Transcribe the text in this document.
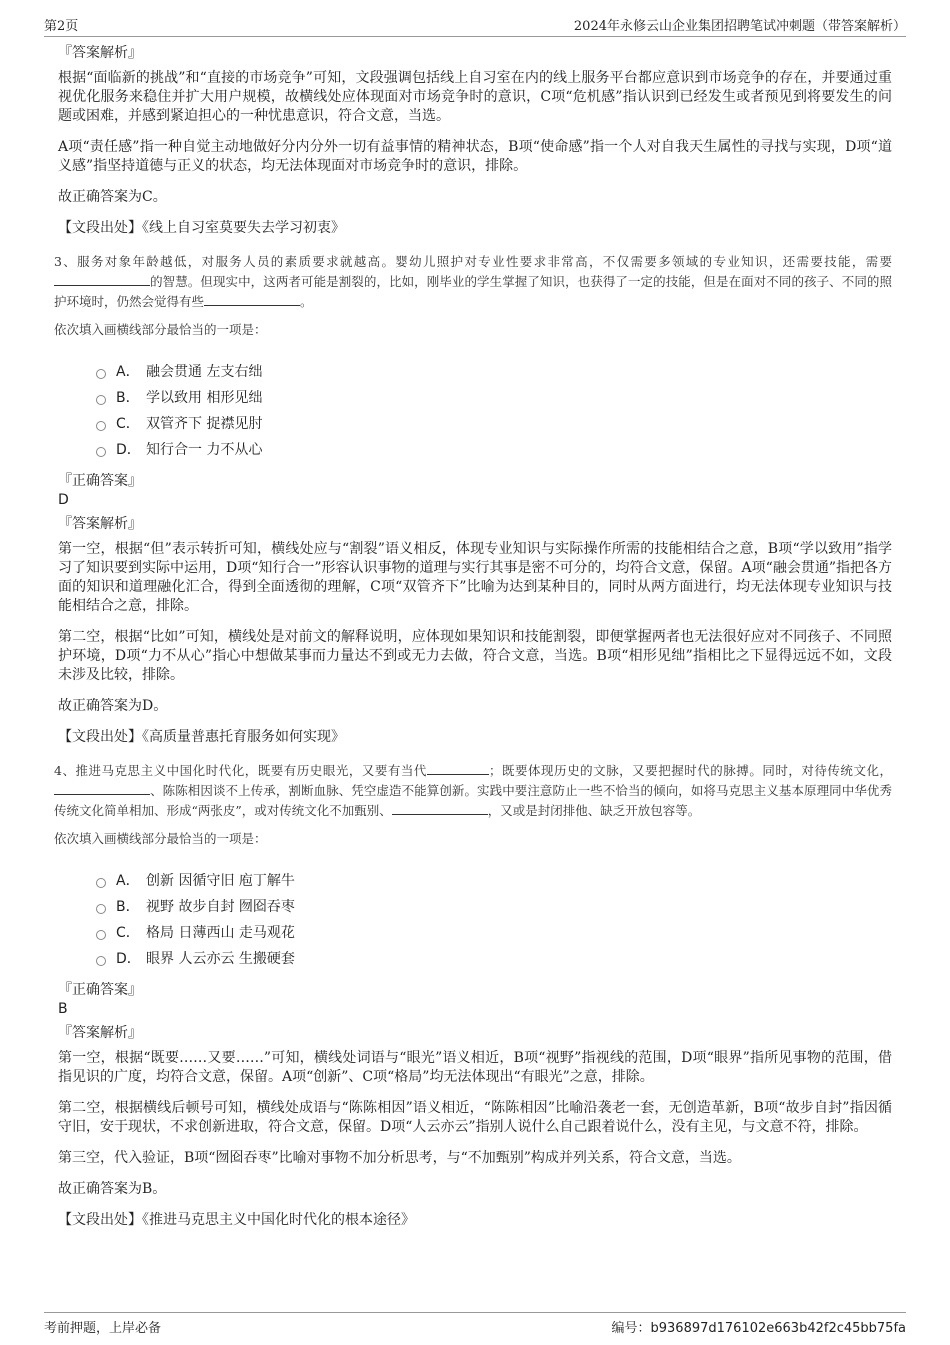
第2页	2024年永修云山企业集团招聘笔试冲刺题（带答案解析）
『答案解析』

根据“面临新的挑战”和“直接的市场竞争”可知，文段强调包括线上自习室在内的线上服务平台都应意识到市场竞争的存在，并要通过重视优化服务来稳住并扩大用户规模，故横线处应体现面对市场竞争时的意识，C项“危机感”指认识到已经发生或者预见到将要发生的问题或困难，并感到紧迫担心的一种忧患意识，符合文意，当选。

A项“责任感”指一种自觉主动地做好分内分外一切有益事情的精神状态，B项“使命感”指一个人对自我天生属性的寻找与实现，D项“道义感”指坚持道德与正义的状态，均无法体现面对市场竞争时的意识，排除。

故正确答案为C。

【文段出处】《线上自习室莫要失去学习初衷》
3、服务对象年龄越低，对服务人员的素质要求就越高。婴幼儿照护对专业性要求非常高，不仅需要多领域的专业知识，还需要技能，需要的智慧。但现实中，这两者可能是割裂的，比如，刚毕业的学生掌握了知识，也获得了一定的技能，但是在面对不同的孩子、不同的照护环境时，仍然会觉得有些	。
依次填入画横线部分最恰当的一项是：
A． 融会贯通 左支右绌
B． 学以致用 相形见绌
C． 双管齐下 捉襟见肘
D． 知行合一 力不从心
『正确答案』
D
『答案解析』

第一空，根据“但”表示转折可知，横线处应与“割裂”语义相反，体现专业知识与实际操作所需的技能相结合之意，B项“学以致用”指学习了知识要到实际中运用，D项“知行合一”形容认识事物的道理与实行其事是密不可分的，均符合文意，保留。A项“融会贯通”指把各方面的知识和道理融化汇合，得到全面透彻的理解，C项“双管齐下”比喻为达到某种目的，同时从两方面进行，均无法体现专业知识与技能相结合之意，排除。

第二空，根据“比如”可知，横线处是对前文的解释说明，应体现如果知识和技能割裂，即便掌握两者也无法很好应对不同孩子、不同照护环境，D项“力不从心”指心中想做某事而力量达不到或无力去做，符合文意，当选。B项“相形见绌”指相比之下显得远远不如，文段未涉及比较，排除。

故正确答案为D。

【文段出处】《高质量普惠托育服务如何实现》
4、推进马克思主义中国化时代化，既要有历史眼光，又要有当代	；既要体现历史的文脉，又要把握时代的脉搏。同时，对待传统文化，、陈陈相因谈不上传承，割断血脉、凭空虚造不能算创新。实践中要注意防止一些不恰当的倾向，如将马克思主义基本原理同中华优秀传统文化简单相加、形成“两张皮”，或对传统文化不加甄别、	，又或是封闭排他、缺乏开放包容等。
依次填入画横线部分最恰当的一项是：
A． 创新 因循守旧 庖丁解牛
B． 视野 故步自封 囫囵吞枣
C． 格局 日薄西山 走马观花
D． 眼界 人云亦云 生搬硬套
『正确答案』
B
『答案解析』

第一空，根据“既要……又要……”可知，横线处词语与“眼光”语义相近，B项“视野”指视线的范围，D项“眼界”指所见事物的范围，借指见识的广度，均符合文意，保留。A项“创新”、C项“格局”均无法体现出“有眼光”之意，排除。

第二空，根据横线后顿号可知，横线处成语与“陈陈相因”语义相近，“陈陈相因”比喻沿袭老一套，无创造革新，B项“故步自封”指因循守旧，安于现状，不求创新进取，符合文意，保留。D项“人云亦云”指别人说什么自己跟着说什么，没有主见，与文意不符，排除。

第三空，代入验证，B项“囫囵吞枣”比喻对事物不加分析思考，与“不加甄别”构成并列关系，符合文意，当选。

故正确答案为B。

【文段出处】《推进马克思主义中国化时代化的根本途径》
考前押题，上岸必备	编号：b936897d176102e663b42f2c45bb75fa
